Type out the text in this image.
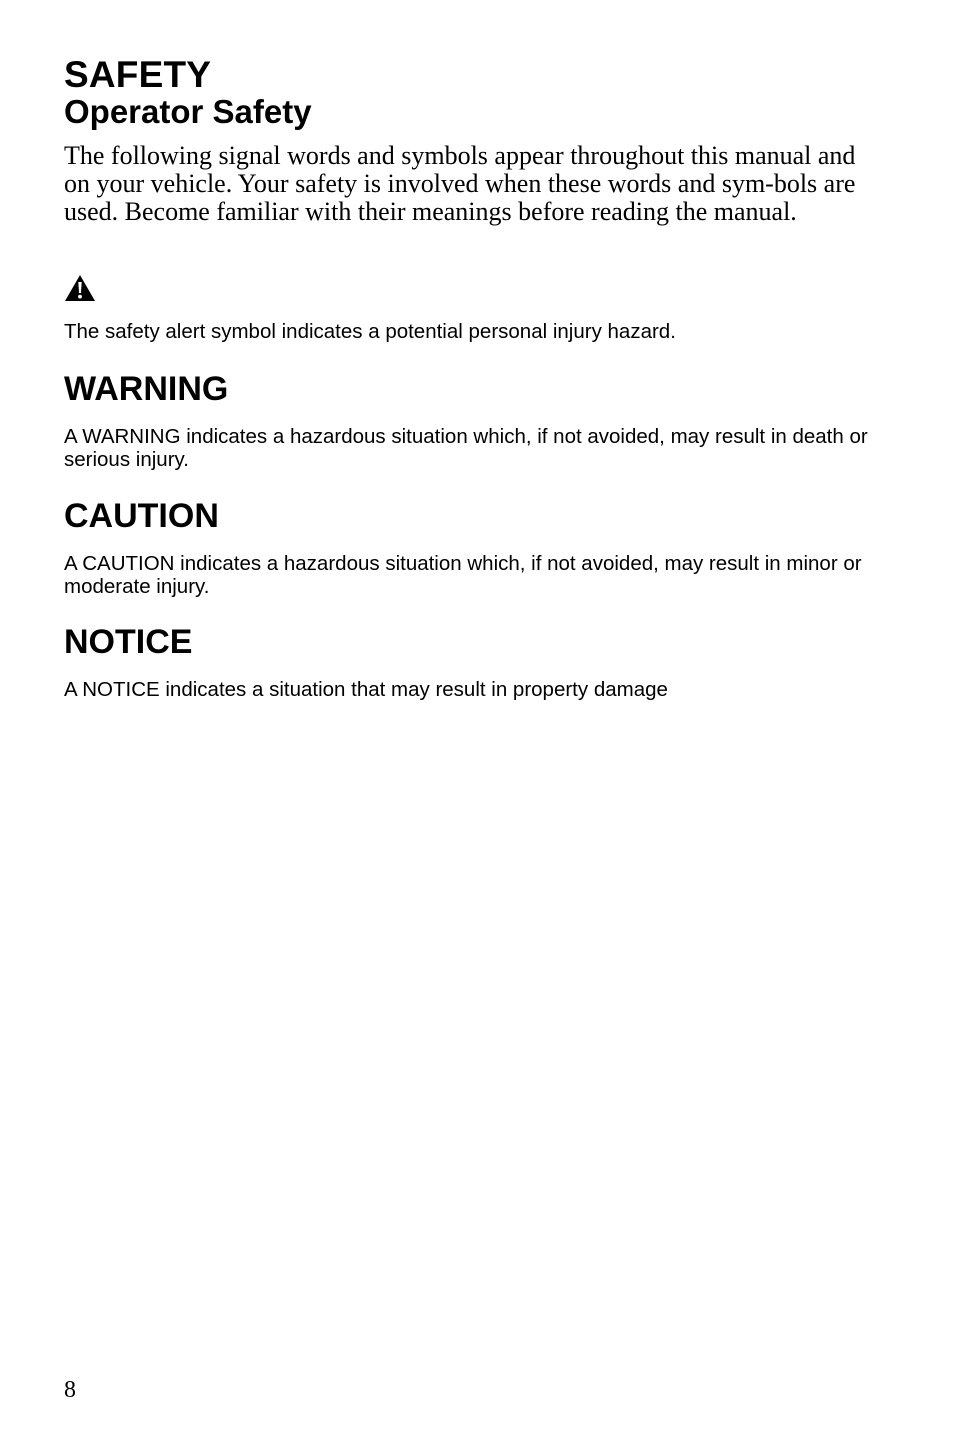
SAFETY
Operator Safety

The following signal words and symbols appear throughout this manual and on your vehicle. Your safety is involved when these words and sym-bols are used. Become familiar with their meanings before reading the manual.

The safety alert symbol indicates a potential personal injury hazard.

WARNING

A WARNING indicates a hazardous situation which, if not avoided, may result in death or serious injury.

CAUTION

A CAUTION indicates a hazardous situation which, if not avoided, may result in minor or moderate injury.

NOTICE

A NOTICE indicates a situation that may result in property damage

8
